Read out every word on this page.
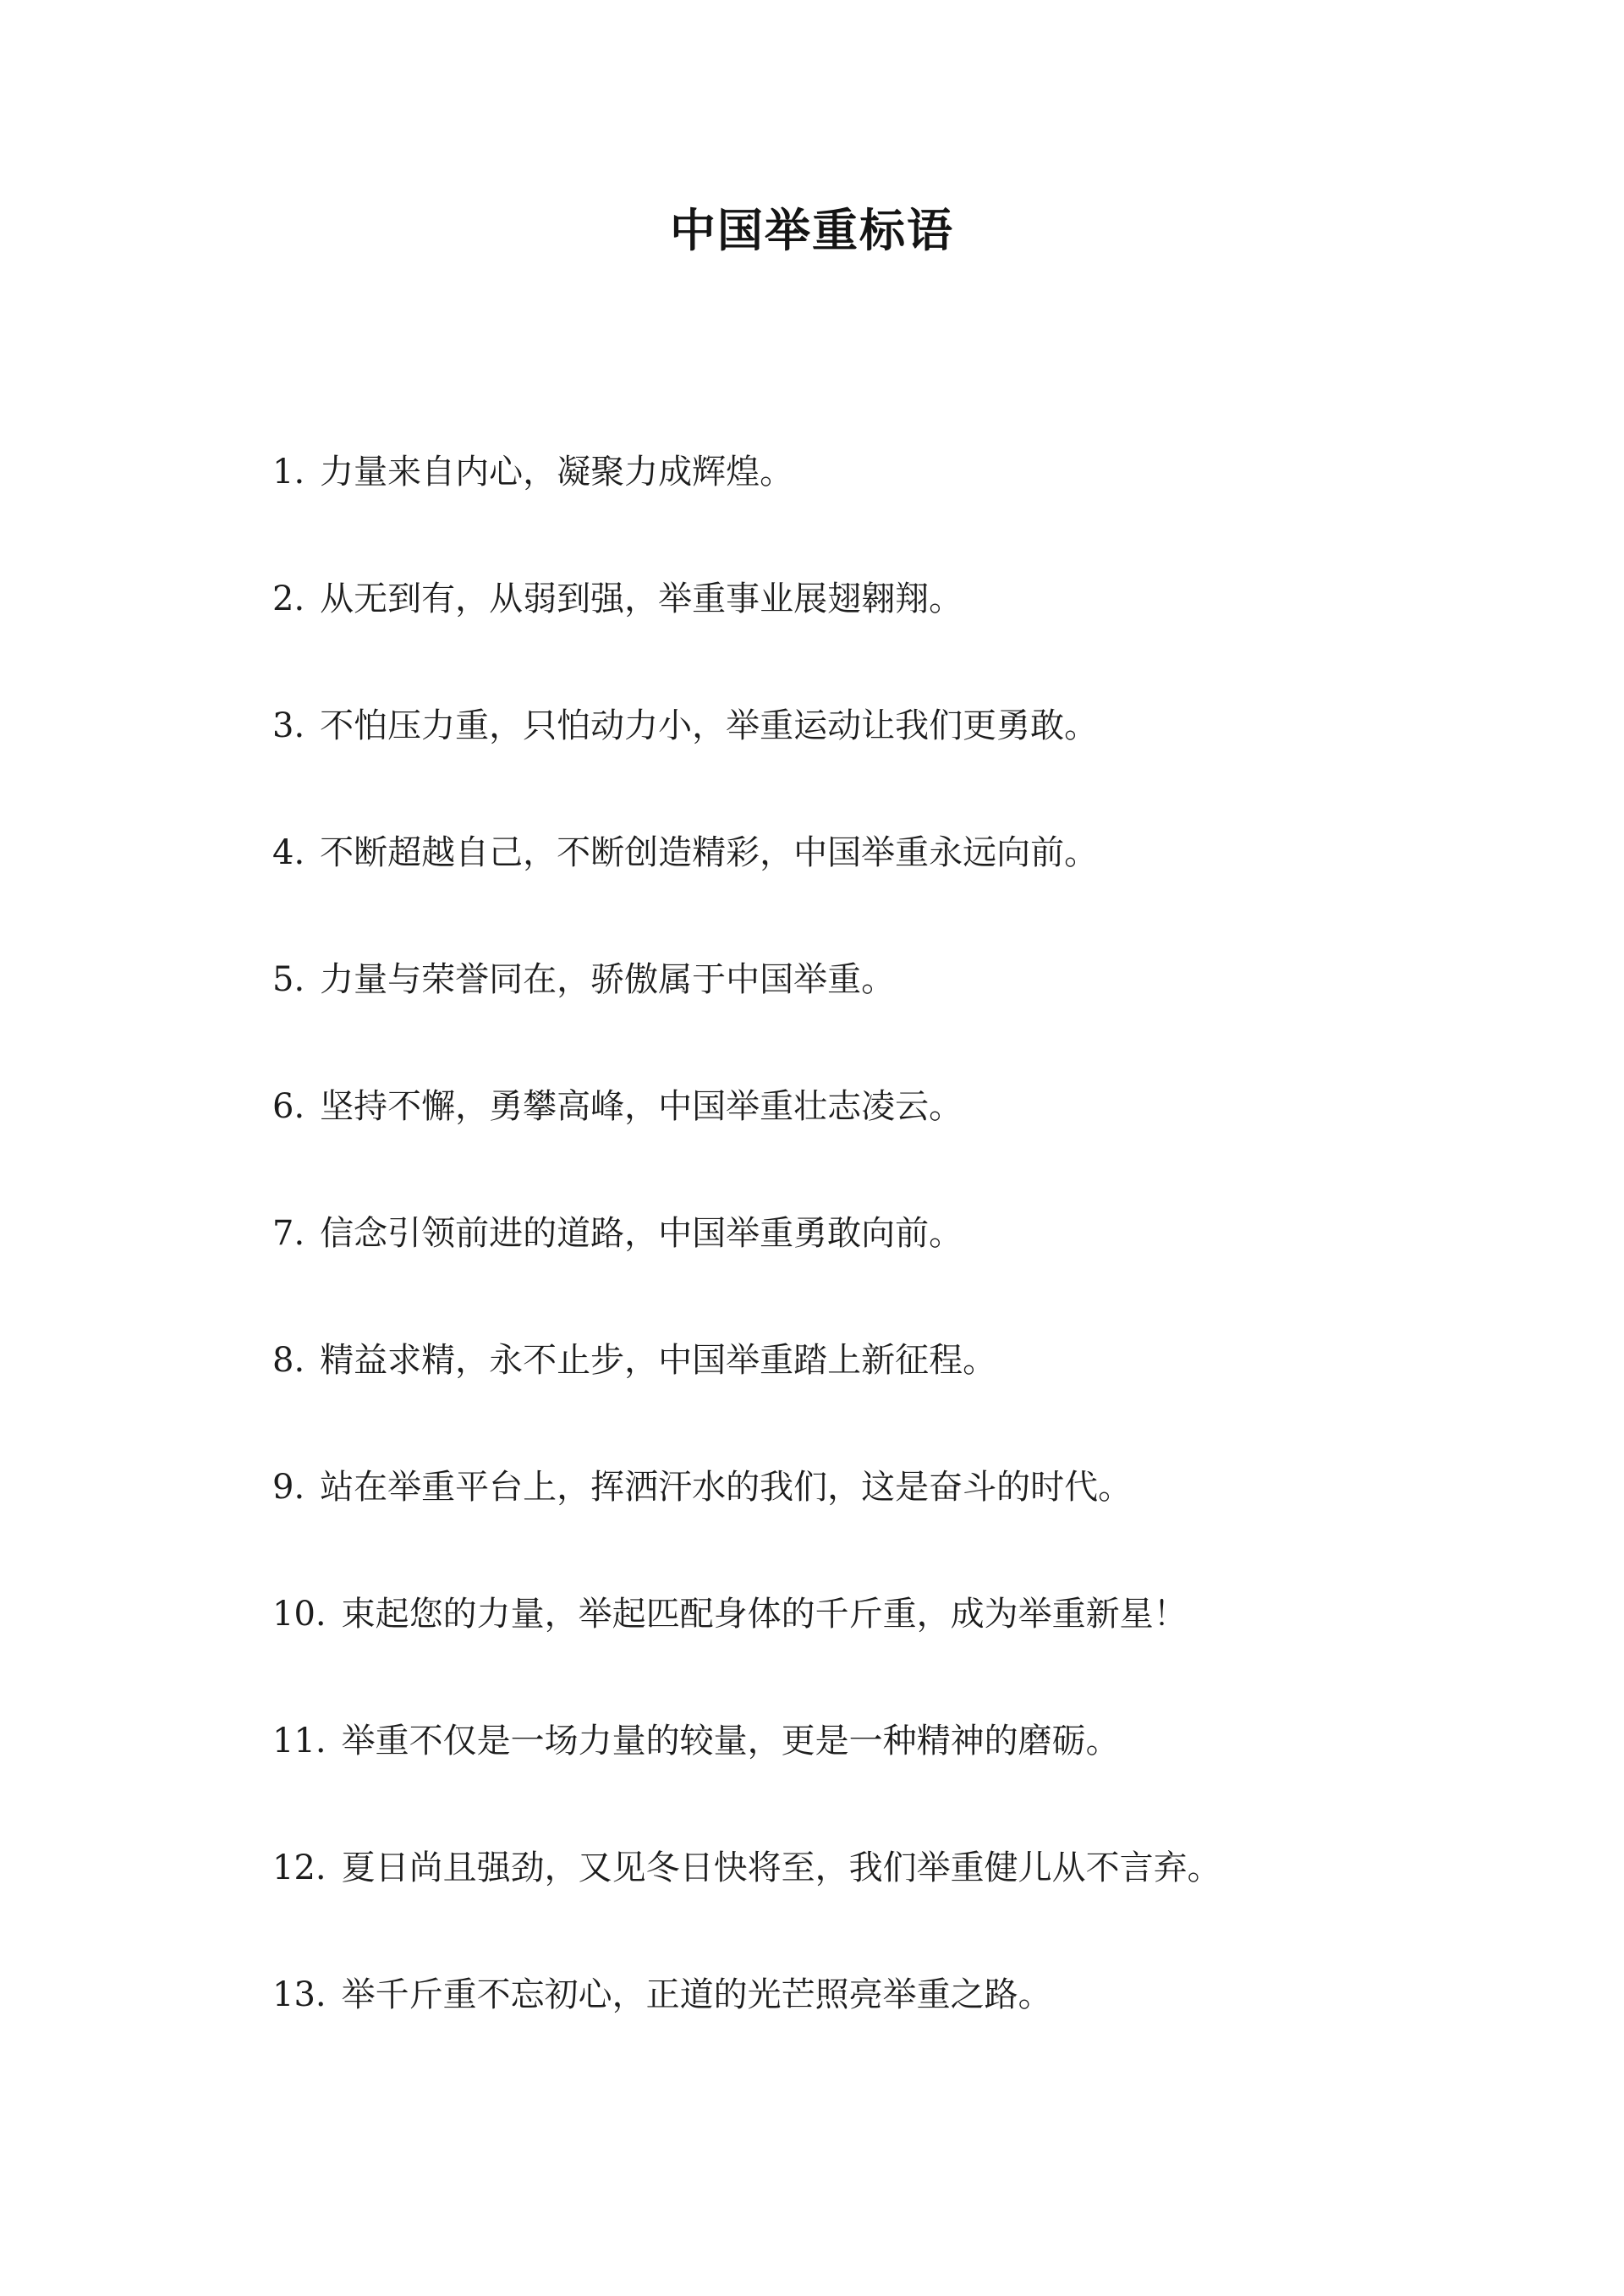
中国举重标语
1. 力量来自内心，凝聚力成辉煌。
2. 从无到有，从弱到强，举重事业展翅翱翔。
3. 不怕压力重，只怕动力小，举重运动让我们更勇敢。
4. 不断超越自己，不断创造精彩，中国举重永远向前。
5. 力量与荣誉同在，骄傲属于中国举重。
6. 坚持不懈，勇攀高峰，中国举重壮志凌云。
7. 信念引领前进的道路，中国举重勇敢向前。
8. 精益求精，永不止步，中国举重踏上新征程。
9. 站在举重平台上，挥洒汗水的我们，这是奋斗的时代。
10. 束起您的力量，举起匹配身体的千斤重，成为举重新星！
11. 举重不仅是一场力量的较量，更是一种精神的磨砺。
12. 夏日尚且强劲，又见冬日快将至，我们举重健儿从不言弃。
13. 举千斤重不忘初心，正道的光芒照亮举重之路。
